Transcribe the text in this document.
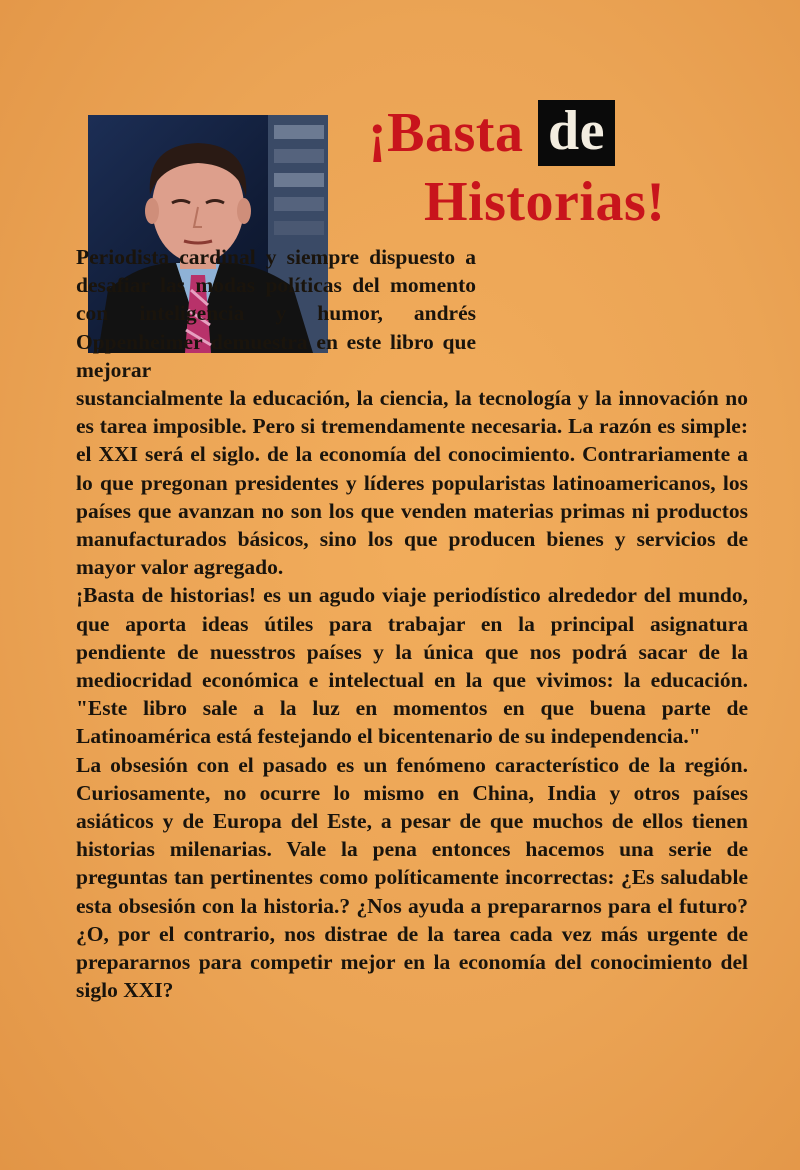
¡Basta de
Historias!

Periodista cardinal y siempre dispuesto a desafiar las modas políticas del momento con inteligencia y humor, andrés Oppenheimer demuestra en este libro que mejorar

sustancialmente la educación, la ciencia, la tecnología y la innovación no es tarea imposible. Pero si tremendamente necesaria. La razón es simple: el XXI será el siglo. de la economía del conocimiento. Contrariamente a lo que pregonan presidentes y líderes popularistas latinoamericanos, los países que avanzan no son los que venden materias primas ni productos manufacturados básicos, sino los que producen bienes y servicios de mayor valor agregado.

¡Basta de historias! es un agudo viaje periodístico alrededor del mundo, que aporta ideas útiles para trabajar en la principal asignatura pendiente de nuesstros países y la única que nos podrá sacar de la mediocridad económica e intelectual en la que vivimos: la educación. "Este libro sale a la luz en momentos en que buena parte de Latinoamérica está festejando el bicentenario de su independencia."

La obsesión con el pasado es un fenómeno característico de la región. Curiosamente, no ocurre lo mismo en China, India y otros países asiáticos y de Europa del Este, a pesar de que muchos de ellos tienen historias milenarias. Vale la pena entonces hacemos una serie de preguntas tan pertinentes como políticamente incorrectas: ¿Es saludable esta obsesión con la historia.? ¿Nos ayuda a prepararnos para el futuro? ¿O, por el contrario, nos distrae de la tarea cada vez más urgente de prepararnos para competir mejor en la economía del conocimiento del siglo XXI?
